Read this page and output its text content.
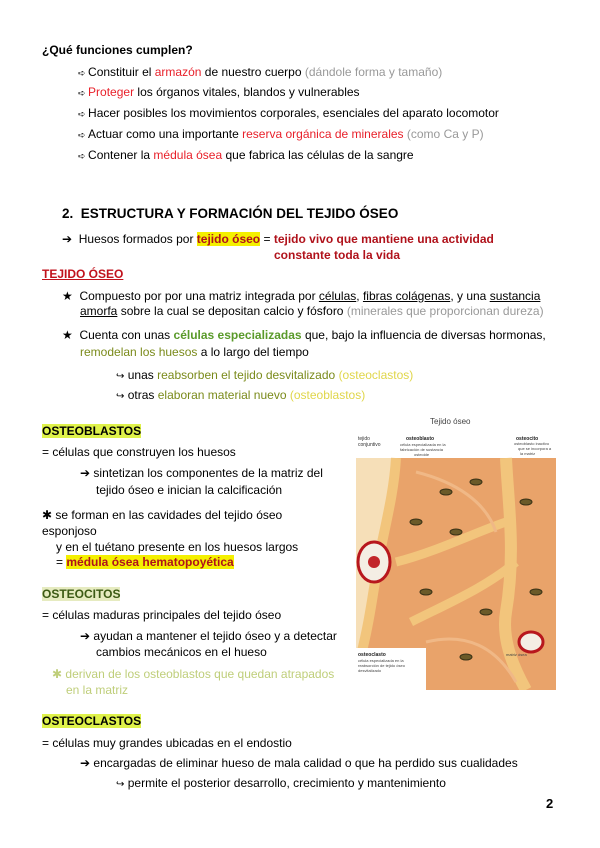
¿Qué funciones cumplen?
➪ Constituir el armazón de nuestro cuerpo (dándole forma y tamaño)
➪ Proteger los órganos vitales, blandos y vulnerables
➪ Hacer posibles los movimientos corporales, esenciales del aparato locomotor
➪ Actuar como una importante reserva orgánica de minerales (como Ca y P)
➪ Contener la médula ósea que fabrica las células de la sangre
2. ESTRUCTURA Y FORMACIÓN DEL TEJIDO ÓSEO
➔ Huesos formados por tejido óseo = tejido vivo que mantiene una actividad
constante toda la vida
TEJIDO ÓSEO
★ Compuesto por por una matriz integrada por células, fibras colágenas, y una sustancia
amorfa sobre la cual se depositan calcio y fósforo (minerales que proporcionan dureza)
★ Cuenta con unas células especializadas que, bajo la influencia de diversas hormonas,
remodelan los huesos a lo largo del tiempo
↪ unas reabsorben el tejido desvitalizado (osteoclastos)
↪ otras elaboran material nuevo (osteoblastos)
OSTEOBLASTOS
= células que construyen los huesos
➔ sintetizan los componentes de la matriz del
tejido óseo e inician la calcificación
✱ se forman en las cavidades del tejido óseo
esponjoso
y en el tuétano presente en los huesos largos
= médula ósea hematopoyética
OSTEOCITOS
= células maduras principales del tejido óseo
➔ ayudan a mantener el tejido óseo y a detectar
cambios mecánicos en el hueso
✱ derivan de los osteoblastos que quedan atrapados
en la matriz
OSTEOCLASTOS
= células muy grandes ubicadas en el endostio
➔ encargadas de eliminar hueso de mala calidad o que ha perdido sus cualidades
↪ permite el posterior desarrollo, crecimiento y mantenimiento
Tejido óseo
tejido
conjuntivo
osteoblasto
célula especializada en la
fabricación de sustancia
osteoide
osteocito
osteoblasto inactivo
que se incorpora a
la matriz
osteoclasto
célula especializada en la
reabsorción de tejido óseo
desvitalizado
matriz ósea
2
